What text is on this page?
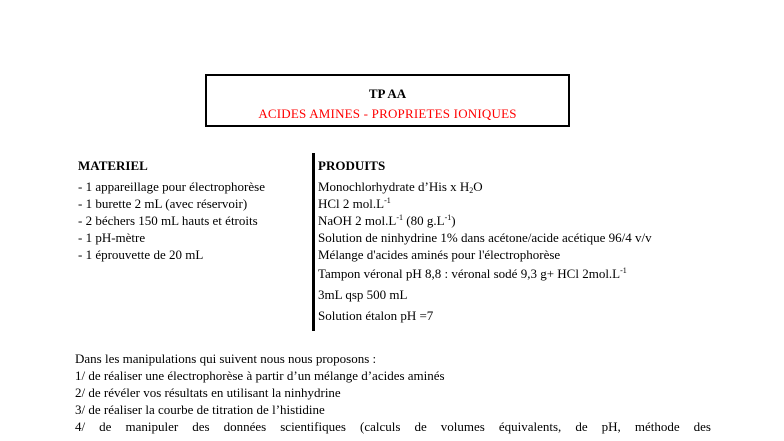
TP AA
ACIDES AMINES - PROPRIETES IONIQUES
MATERIEL
- 1 appareillage pour électrophorèse
- 1 burette 2 mL (avec réservoir)
- 2 béchers 150 mL hauts et étroits
- 1 pH-mètre
- 1 éprouvette de 20 mL
PRODUITS
Monochlorhydrate d’His x $H_2O$
HCl 2 $mol.L^{-1}$
NaOH 2 $mol.L^{-1}$ (80 $g.L^{-1}$)
Solution de ninhydrine 1% dans acétone/acide acétique 96/4 v/v
Mélange d'acides aminés pour l'électrophorèse
Tampon véronal pH 8,8 : véronal sodé 9,3 g+ HCl $2mol.L^{-1}$
3mL qsp 500 mL
Solution étalon pH =7
Dans les manipulations qui suivent nous nous proposons :
1/ de réaliser une électrophorèse à partir d’un mélange d’acides aminés
2/ de révéler vos résultats en utilisant la ninhydrine
3/ de réaliser la courbe de titration de l’histidine
4/ de manipuler des données scientifiques (calculs de volumes équivalents, de pH, méthode des
